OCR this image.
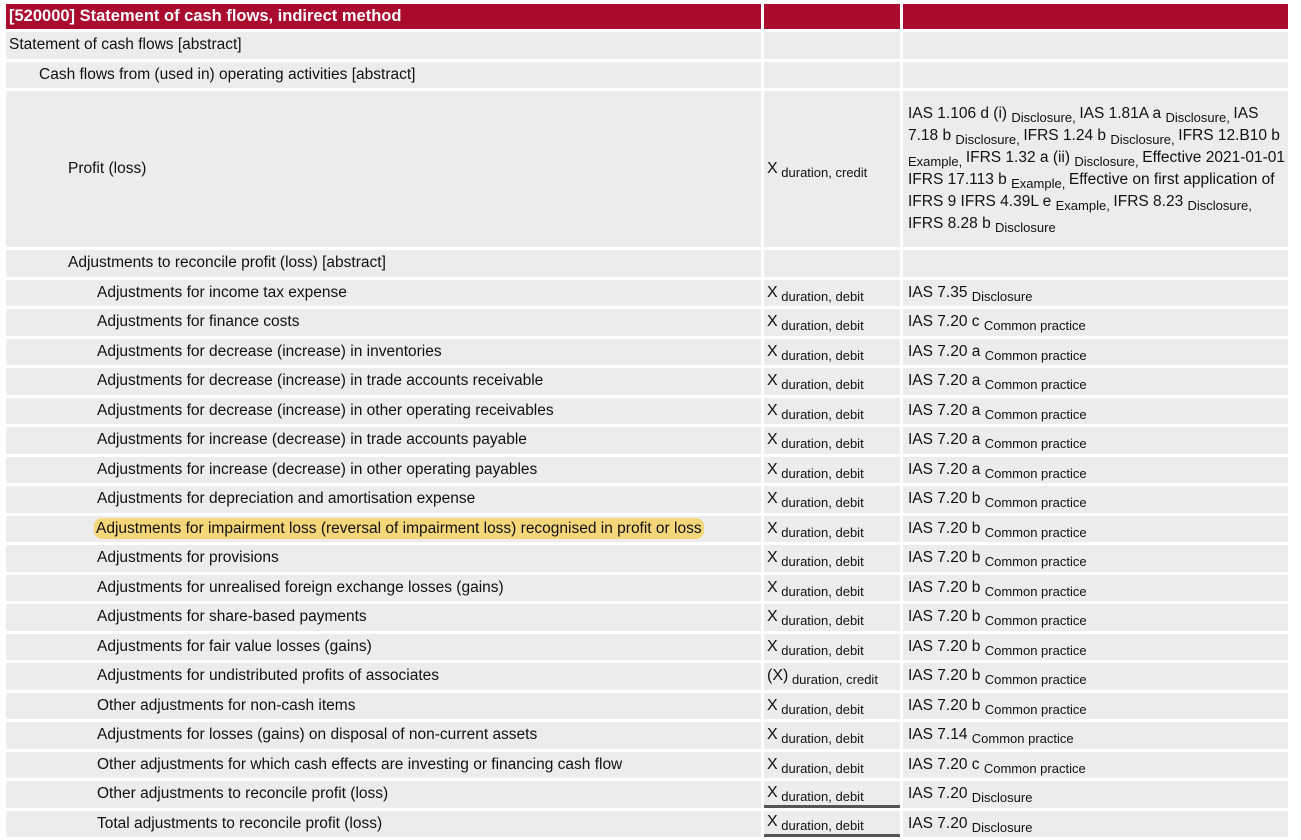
[520000] Statement of cash flows, indirect method		
Statement of cash flows [abstract]		
Cash flows from (used in) operating activities [abstract]		
Profit (loss)	X $_{duration, credit}$	IAS 1.106 d (i) $_{Disclosure,}$ IAS 1.81A a $_{Disclosure,}$ IAS 7.18 b $_{Disclosure,}$ IFRS 1.24 b $_{Disclosure,}$ IFRS 12.B10 b $_{Example,}$ IFRS 1.32 a (ii) $_{Disclosure,}$ Effective 2021-01-01 IFRS 17.113 b $_{Example,}$ Effective on first application of IFRS 9 IFRS 4.39L e $_{Example,}$ IFRS 8.23 $_{Disclosure,}$ IFRS 8.28 b $_{Disclosure}$

Adjustments to reconcile profit (loss) [abstract]		
Adjustments for income tax expense	X $_{duration, debit}$	IAS 7.35 $_{Disclosure}$

Adjustments for finance costs	X $_{duration, debit}$	IAS 7.20 c $_{Common practice}$

Adjustments for decrease (increase) in inventories	X $_{duration, debit}$	IAS 7.20 a $_{Common practice}$

Adjustments for decrease (increase) in trade accounts receivable	X $_{duration, debit}$	IAS 7.20 a $_{Common practice}$

Adjustments for decrease (increase) in other operating receivables	X $_{duration, debit}$	IAS 7.20 a $_{Common practice}$

Adjustments for increase (decrease) in trade accounts payable	X $_{duration, debit}$	IAS 7.20 a $_{Common practice}$

Adjustments for increase (decrease) in other operating payables	X $_{duration, debit}$	IAS 7.20 a $_{Common practice}$

Adjustments for depreciation and amortisation expense	X $_{duration, debit}$	IAS 7.20 b $_{Common practice}$

Adjustments for impairment loss (reversal of impairment loss) recognised in profit or loss	X $_{duration, debit}$	IAS 7.20 b $_{Common practice}$

Adjustments for provisions	X $_{duration, debit}$	IAS 7.20 b $_{Common practice}$

Adjustments for unrealised foreign exchange losses (gains)	X $_{duration, debit}$	IAS 7.20 b $_{Common practice}$

Adjustments for share-based payments	X $_{duration, debit}$	IAS 7.20 b $_{Common practice}$

Adjustments for fair value losses (gains)	X $_{duration, debit}$	IAS 7.20 b $_{Common practice}$

Adjustments for undistributed profits of associates	(X) $_{duration, credit}$	IAS 7.20 b $_{Common practice}$

Other adjustments for non-cash items	X $_{duration, debit}$	IAS 7.20 b $_{Common practice}$

Adjustments for losses (gains) on disposal of non-current assets	X $_{duration, debit}$	IAS 7.14 $_{Common practice}$

Other adjustments for which cash effects are investing or financing cash flow	X $_{duration, debit}$	IAS 7.20 c $_{Common practice}$

Other adjustments to reconcile profit (loss)	X $_{duration, debit}$	IAS 7.20 $_{Disclosure}$

Total adjustments to reconcile profit (loss)	X $_{duration, debit}$	IAS 7.20 $_{Disclosure}$
